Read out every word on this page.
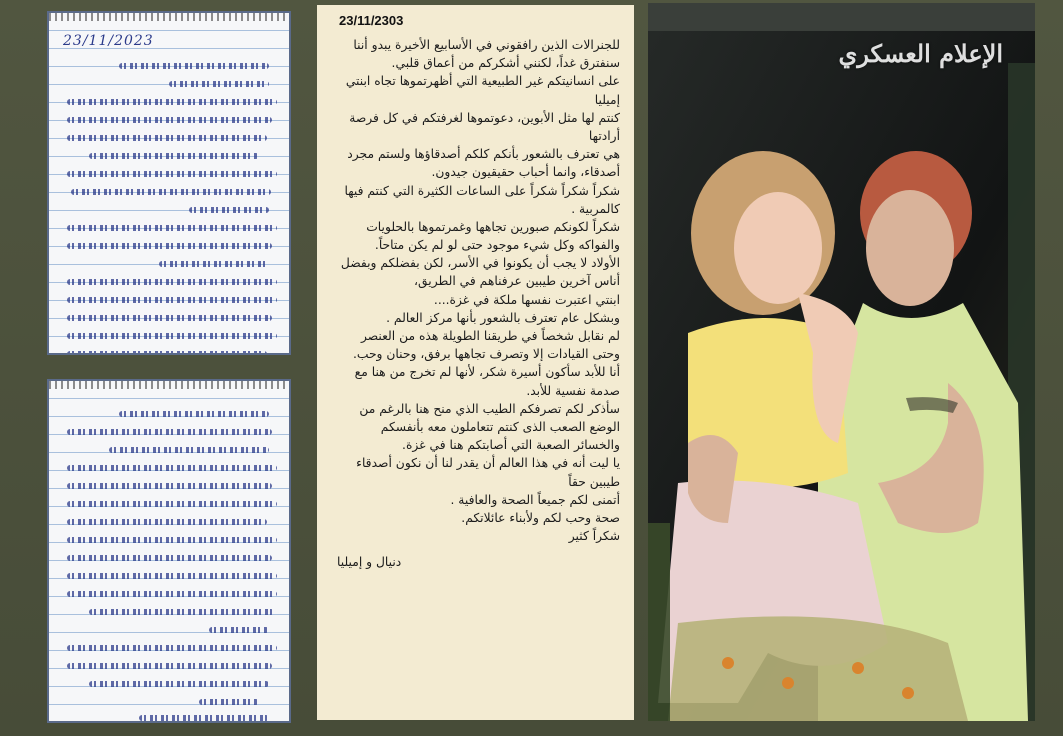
23/11/2023
23/11/2303

للجنرالات الذين رافقوني في الأسابيع الأخيرة يبدو أننا سنفترق غداً، لكنني أشكركم من أعماق قلبي.

على انسانيتكم غير الطبيعية التي أظهرتموها تجاه ابنتي إميليا

كنتم لها مثل الأبوين، دعوتموها لغرفتكم في كل فرصة أرادتها

هي تعترف بالشعور بأنكم كلكم أصدقاؤها ولستم مجرد أصدقاء، وانما أحباب حقيقيون جيدون.

شكراً شكراً شكراً على الساعات الكثيرة التي كنتم فيها كالمربية .

شكراً لكونكم صبورين تجاهها وغمرتموها بالحلويات والفواكه وكل شيء موجود حتى لو لم يكن متاحاً.

الأولاد لا يجب أن يكونوا في الأسر، لكن بفضلكم وبفضل أناس آخرين طيبين عرفناهم في الطريق،

ابنتي اعتبرت نفسها ملكة في غزة....

وبشكل عام تعترف بالشعور بأنها مركز العالم .

لم نقابل شخصاً في طريقنا الطويلة هذه من العنصر وحتى القيادات إلا وتصرف تجاهها برفق، وحنان وحب.

أنا للأبد سأكون أسيرة شكر، لأنها لم تخرج من هنا مع صدمة نفسية للأبد.

سأذكر لكم تصرفكم الطيب الذي منح هنا بالرغم من الوضع الصعب الذى كنتم تتعاملون معه بأنفسكم والخسائر الصعبة التي أصابتكم هنا في غزة.

يا ليت أنه في هذا العالم أن يقدر لنا أن نكون أصدقاء طيبين حقاً

أتمنى لكم جميعاً الصحة والعافية .

صحة وحب لكم ولأبناء عائلاتكم.

شكراً كثير

دنيال و إميليا
الإعلام العسكري
